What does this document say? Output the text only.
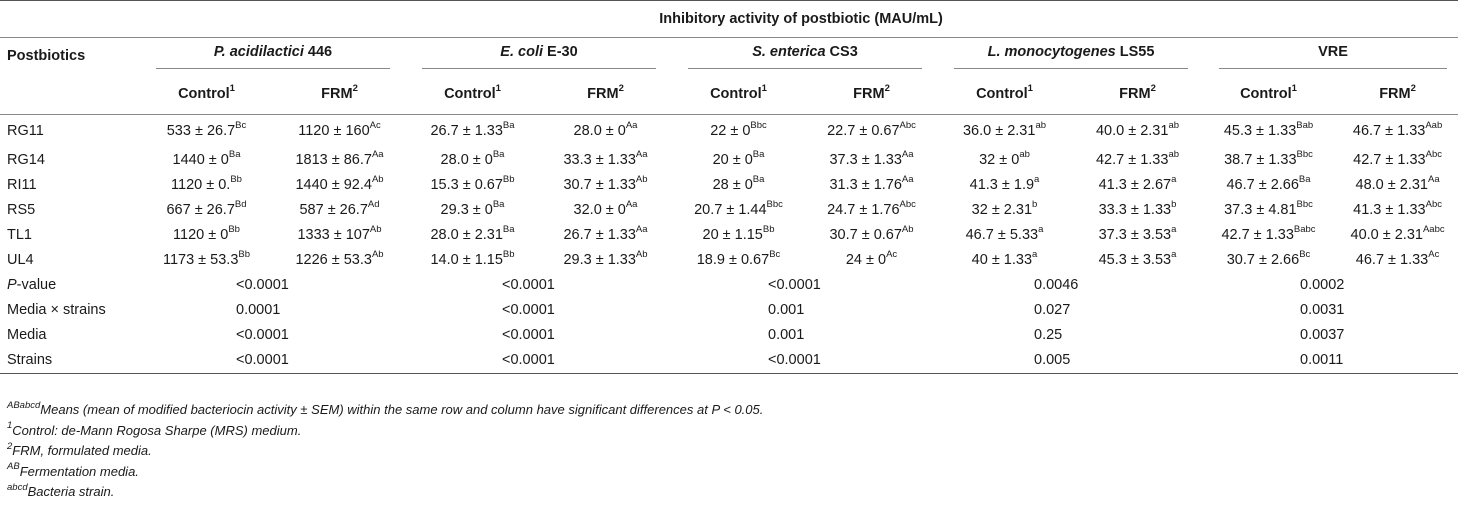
	Inhibitory activity of postbiotic (MAU/mL)									
Postbiotics	P. acidilactici 446		E. coli E-30		S. enterica CS3		L. monocytogenes LS55		VRE	
	Control$^1$	FRM$^2$	Control$^1$	FRM$^2$	Control$^1$	FRM$^2$	Control$^1$	FRM$^2$	Control$^1$	FRM$^2$
RG11	$533 \pm 26.7^{Bc}$	$1120 \pm 160^{Ac}$	$26.7 \pm 1.33^{Ba}$	$28.0 \pm 0^{Aa}$	$22 \pm 0^{Bbc}$	$22.7 \pm 0.67^{Abc}$	36.0 ± 2.31$^{ab}$	40.0 ± 2.31$^{ab}$	$45.3 \pm 1.33^{Bab}$	$46.7 \pm 1.33^{Aab}$
RG14	$1440 \pm 0^{Ba}$	$1813 \pm 86.7^{Aa}$	$28.0 \pm 0^{Ba}$	$33.3 \pm 1.33^{Aa}$	$20 \pm 0^{Ba}$	$37.3 \pm 1.33^{Aa}$	$32 \pm 0^{ab}$	42.7 ± 1.33$^{ab}$	$38.7 \pm 1.33^{Bbc}$	$42.7 \pm 1.33^{Abc}$
RI11	1120 ± 0.$^{Bb}$	$1440 \pm 92.4^{Ab}$	$15.3 \pm 0.67^{Bb}$	$30.7 \pm 1.33^{Ab}$	$28 \pm 0^{Ba}$	$31.3 \pm 1.76^{Aa}$	41.3 ± 1.9$^a$	41.3 ± 2.67$^a$	$46.7 \pm 2.66^{Ba}$	$48.0 \pm 2.31^{Aa}$
RS5	$667 \pm 26.7^{Bd}$	$587 \pm 26.7^{Ad}$	$29.3 \pm 0^{Ba}$	$32.0 \pm 0^{Aa}$	$20.7 \pm 1.44^{Bbc}$	$24.7 \pm 1.76^{Abc}$	32 ± 2.31$^b$	33.3 ± 1.33$^b$	$37.3 \pm 4.81^{Bbc}$	$41.3 \pm 1.33^{Abc}$
TL1	$1120 \pm 0^{Bb}$	$1333 \pm 107^{Ab}$	$28.0 \pm 2.31^{Ba}$	$26.7 \pm 1.33^{Aa}$	$20 \pm 1.15^{Bb}$	$30.7 \pm 0.67^{Ab}$	46.7 ± 5.33$^a$	37.3 ± 3.53$^a$	$42.7 \pm 1.33^{Babc}$	$40.0 \pm 2.31^{Aabc}$
UL4	$1173 \pm 53.3^{Bb}$	$1226 \pm 53.3^{Ab}$	$14.0 \pm 1.15^{Bb}$	$29.3 \pm 1.33^{Ab}$	$18.9 \pm 0.67^{Bc}$	$24 \pm 0^{Ac}$	40 ± 1.33$^a$	45.3 ± 3.53$^a$	$30.7 \pm 2.66^{Bc}$	$46.7 \pm 1.33^{Ac}$
P-value	<0.0001		<0.0001		<0.0001		0.0046		0.0002	
Media × strains	0.0001		<0.0001		0.001		0.027		0.0031	
Media	<0.0001		<0.0001		0.001		0.25		0.0037	
Strains	<0.0001		<0.0001		<0.0001		0.005		0.0011	
$^{ABabcd}$Means (mean of modified bacteriocin activity ± SEM) within the same row and column have significant differences at P < 0.05.
$^1$Control: de-Mann Rogosa Sharpe (MRS) medium.
$^2$FRM, formulated media.
$^{AB}$Fermentation media.
$^{abcd}$Bacteria strain.
